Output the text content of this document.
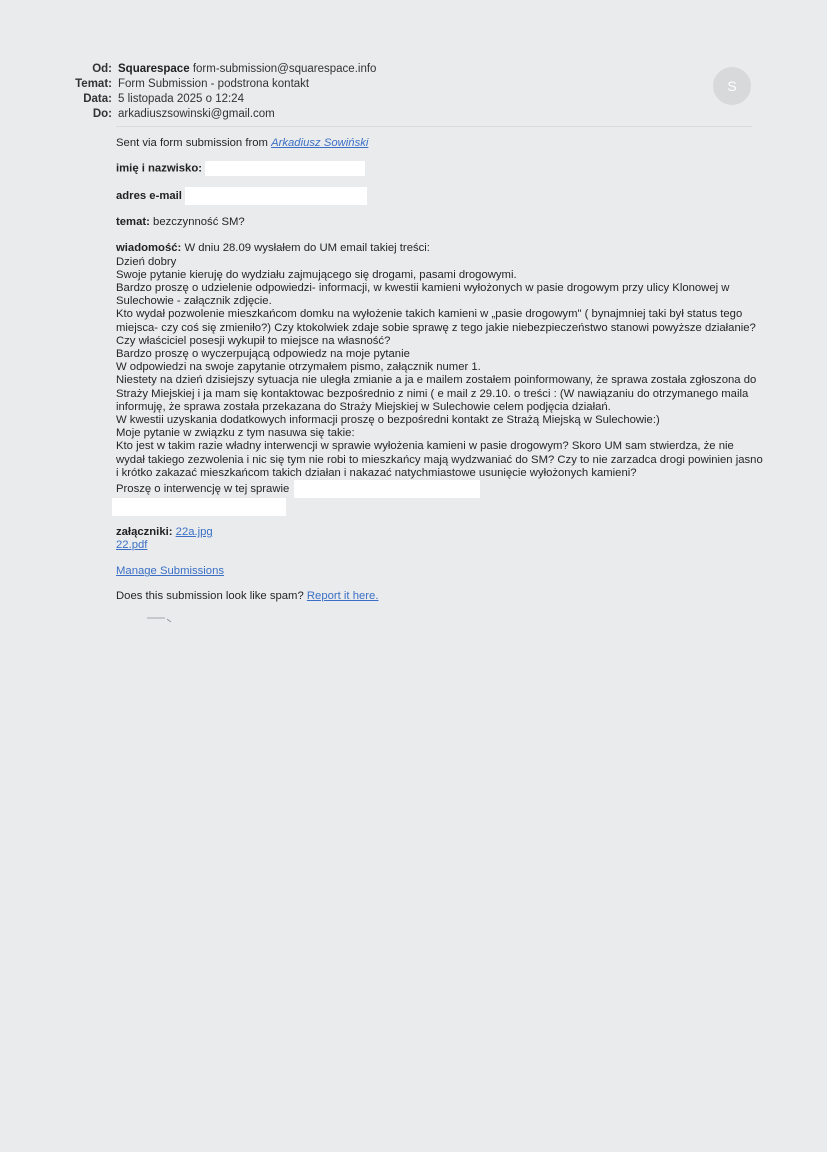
Od: Squarespace form-submission@squarespace.info
Temat: Form Submission - podstrona kontakt
Data: 5 listopada 2025 o 12:24
Do: arkadiuszsowinski@gmail.com
S
Sent via form submission from Arkadiusz Sowiński
imię i nazwisko:
adres e-mail
temat: bezczynność SM?
wiadomość: W dniu 28.09 wysłałem do UM email takiej treści:
Dzień dobry
Swoje pytanie kieruję do wydziału zajmującego się drogami, pasami drogowymi.
Bardzo proszę o udzielenie odpowiedzi- informacji, w kwestii kamieni wyłożonych w pasie drogowym przy ulicy Klonowej w
Sulechowie - załącznik zdjęcie.
Kto wydał pozwolenie mieszkańcom domku na wyłożenie takich kamieni w „pasie drogowym" ( bynajmniej taki był status tego
miejsca- czy coś się zmieniło?) Czy ktokolwiek zdaje sobie sprawę z tego jakie niebezpieczeństwo stanowi powyższe działanie?
Czy właściciel posesji wykupił to miejsce na własność?
Bardzo proszę o wyczerpującą odpowiedz na moje pytanie
W odpowiedzi na swoje zapytanie otrzymałem pismo, załącznik numer 1.
Niestety na dzień dzisiejszy sytuacja nie uległa zmianie a ja e mailem zostałem poinformowany, że sprawa została zgłoszona do
Straży Miejskiej i ja mam się kontaktowac bezpośrednio z nimi ( e mail z 29.10. o treści : (W nawiązaniu do otrzymanego maila
informuję, że sprawa została przekazana do Straży Miejskiej w Sulechowie celem podjęcia działań.
W kwestii uzyskania dodatkowych informacji proszę o bezpośredni kontakt ze Strażą Miejską w Sulechowie:)
Moje pytanie w związku z tym nasuwa się takie:
Kto jest w takim razie władny interwencji w sprawie wyłożenia kamieni w pasie drogowym? Skoro UM sam stwierdza, że nie
wydał takiego zezwolenia i nic się tym nie robi to mieszkańcy mają wydzwaniać do SM? Czy to nie zarzadca drogi powinien jasno
i krótko zakazać mieszkańcom takich działan i nakazać natychmiastowe usunięcie wyłożonych kamieni?
Proszę o interwencję w tej sprawie
załączniki: 22a.jpg
22.pdf
Manage Submissions
Does this submission look like spam? Report it here.
